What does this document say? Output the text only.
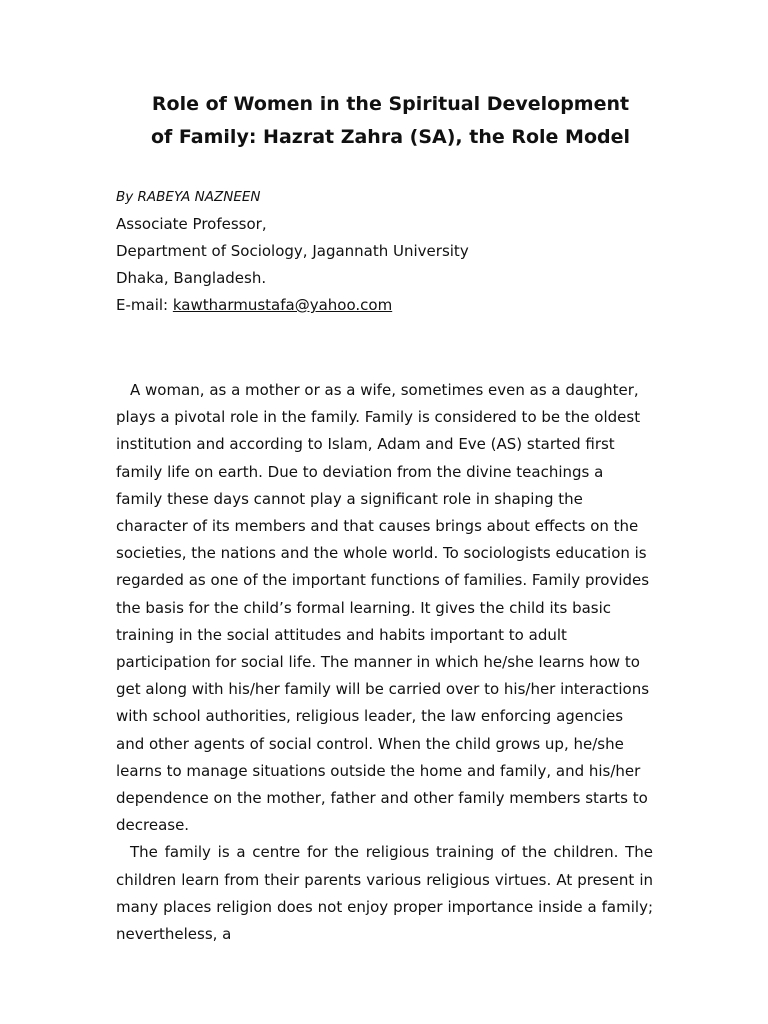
Role of Women in the Spiritual Development
of Family: Hazrat Zahra (SA), the Role Model
By RABEYA NAZNEEN
Associate Professor,
Department of Sociology, Jagannath University
Dhaka, Bangladesh.
E-mail: kawtharmustafa@yahoo.com

A woman, as a mother or as a wife, sometimes even as a daughter, plays a pivotal role in the family. Family is considered to be the oldest institution and according to Islam, Adam and Eve (AS) started first family life on earth. Due to deviation from the divine teachings a family these days cannot play a significant role in shaping the character of its members and that causes brings about effects on the societies, the nations and the whole world. To sociologists education is regarded as one of the important functions of families. Family provides the basis for the child’s formal learning. It gives the child its basic training in the social attitudes and habits important to adult participation for social life. The manner in which he/she learns how to get along with his/her family will be carried over to his/her interactions with school authorities, religious leader, the law enforcing agencies and other agents of social control. When the child grows up, he/she learns to manage situations outside the home and family, and his/her dependence on the mother, father and other family members starts to decrease.

The family is a centre for the religious training of the children. The children learn from their parents various religious virtues. At present in many places religion does not enjoy proper importance inside a family; nevertheless, a
